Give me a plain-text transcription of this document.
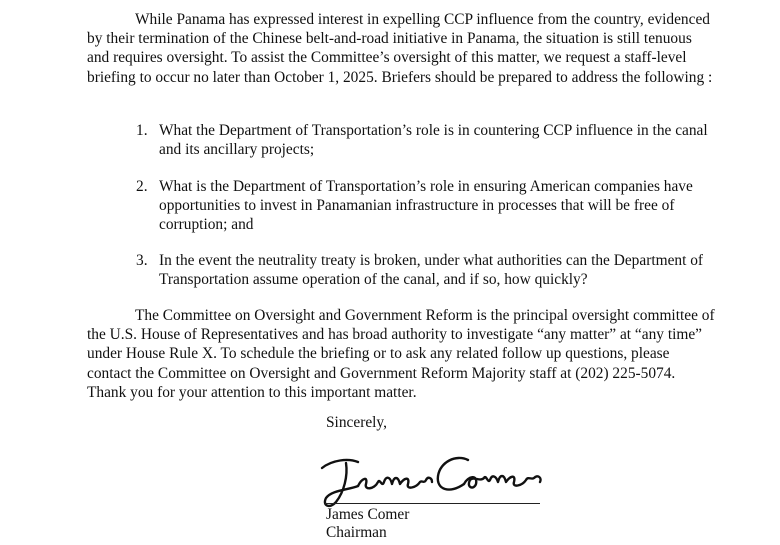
While Panama has expressed interest in expelling CCP influence from the country, evidenced by their termination of the Chinese belt-and-road initiative in Panama, the situation is still tenuous and requires oversight. To assist the Committee’s oversight of this matter, we request a staff-level briefing to occur no later than October 1, 2025. Briefers should be prepared to address the following :

1. What the Department of Transportation’s role is in countering CCP influence in the canal and its ancillary projects;
2. What is the Department of Transportation’s role in ensuring American companies have opportunities to invest in Panamanian infrastructure in processes that will be free of corruption; and
3. In the event the neutrality treaty is broken, under what authorities can the Department of Transportation assume operation of the canal, and if so, how quickly?

The Committee on Oversight and Government Reform is the principal oversight committee of the U.S. House of Representatives and has broad authority to investigate “any matter” at “any time” under House Rule X. To schedule the briefing or to ask any related follow up questions, please contact the Committee on Oversight and Government Reform Majority staff at (202) 225-5074. Thank you for your attention to this important matter.

Sincerely,
James Comer
Chairman
